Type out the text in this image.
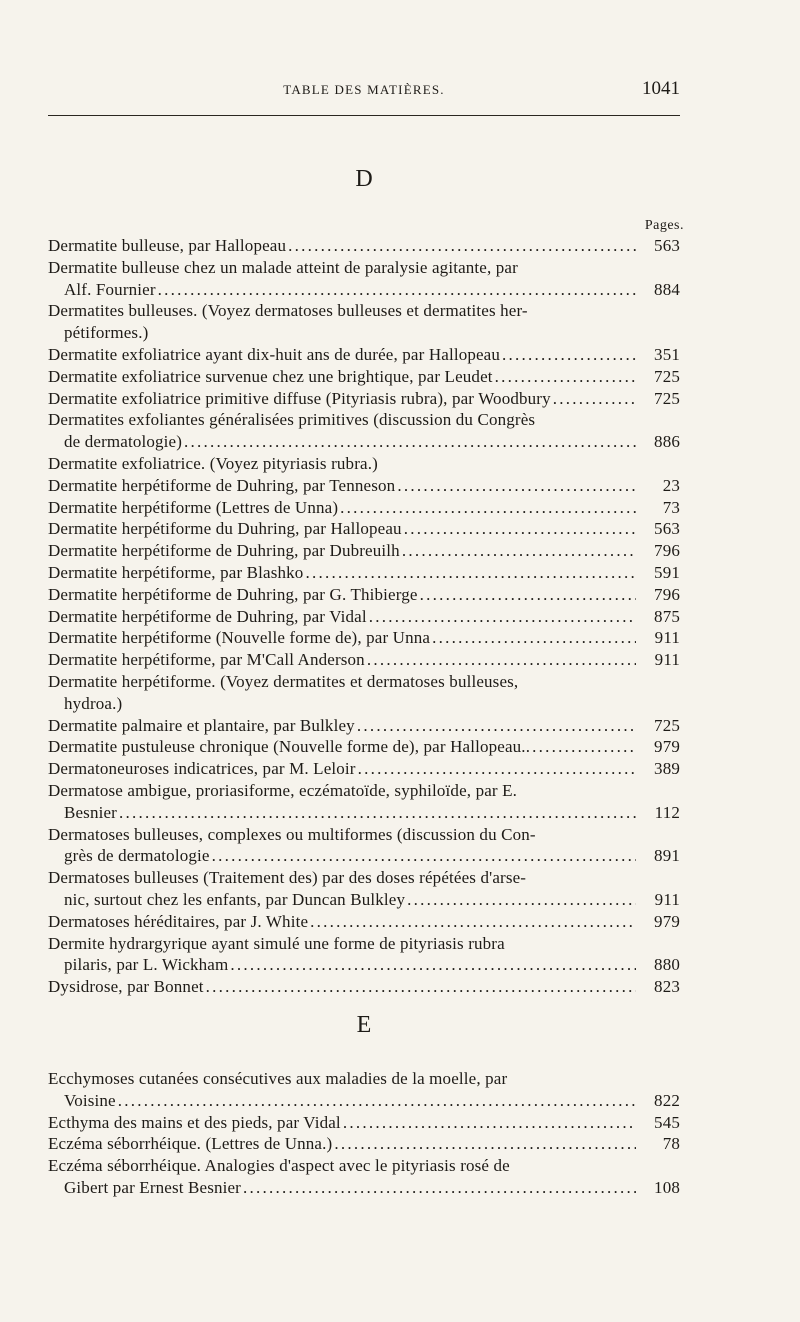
TABLE DES MATIÈRES.	1041
D
Pages.
Dermatite bulleuse, par Hallopeau . . .	563
Dermatite bulleuse chez un malade atteint de paralysie agitante, par
Alf. Fournier . . .	884
Dermatites bulleuses. (Voyez dermatoses bulleuses et dermatites her-
pétiformes.)
Dermatite exfoliatrice ayant dix-huit ans de durée, par Hallopeau . . .	351
Dermatite exfoliatrice survenue chez une brightique, par Leudet . . .	725
Dermatite exfoliatrice primitive diffuse (Pityriasis rubra), par Woodbury . . .	725
Dermatites exfoliantes généralisées primitives (discussion du Congrès
de dermatologie) . . .	886
Dermatite exfoliatrice. (Voyez pityriasis rubra.)
Dermatite herpétiforme de Duhring, par Tenneson . . .	23
Dermatite herpétiforme (Lettres de Unna) . . .	73
Dermatite herpétiforme du Duhring, par Hallopeau . . .	563
Dermatite herpétiforme de Duhring, par Dubreuilh . . .	796
Dermatite herpétiforme, par Blashko . . .	591
Dermatite herpétiforme de Duhring, par G. Thibierge . . .	796
Dermatite herpétiforme de Duhring, par Vidal . . .	875
Dermatite herpétiforme (Nouvelle forme de), par Unna . . .	911
Dermatite herpétiforme, par M'Call Anderson . . .	911
Dermatite herpétiforme. (Voyez dermatites et dermatoses bulleuses,
hydroa.)
Dermatite palmaire et plantaire, par Bulkley . . .	725
Dermatite pustuleuse chronique (Nouvelle forme de), par Hallopeau.. . . .	979
Dermatoneuroses indicatrices, par M. Leloir . . .	389
Dermatose ambigue, proriasiforme, eczématoïde, syphiloïde, par E.
Besnier . . .	112
Dermatoses bulleuses, complexes ou multiformes (discussion du Con-
grès de dermatologie . . .	891
Dermatoses bulleuses (Traitement des) par des doses répétées d'arse-
nic, surtout chez les enfants, par Duncan Bulkley . . .	911
Dermatoses héréditaires, par J. White . . .	979
Dermite hydrargyrique ayant simulé une forme de pityriasis rubra
pilaris, par L. Wickham . . .	880
Dysidrose, par Bonnet . . .	823
E
Ecchymoses cutanées consécutives aux maladies de la moelle, par
Voisine . . .	822
Ecthyma des mains et des pieds, par Vidal . . .	545
Eczéma séborrhéique. (Lettres de Unna.) . . .	78
Eczéma séborrhéique. Analogies d'aspect avec le pityriasis rosé de
Gibert par Ernest Besnier . . .	108
